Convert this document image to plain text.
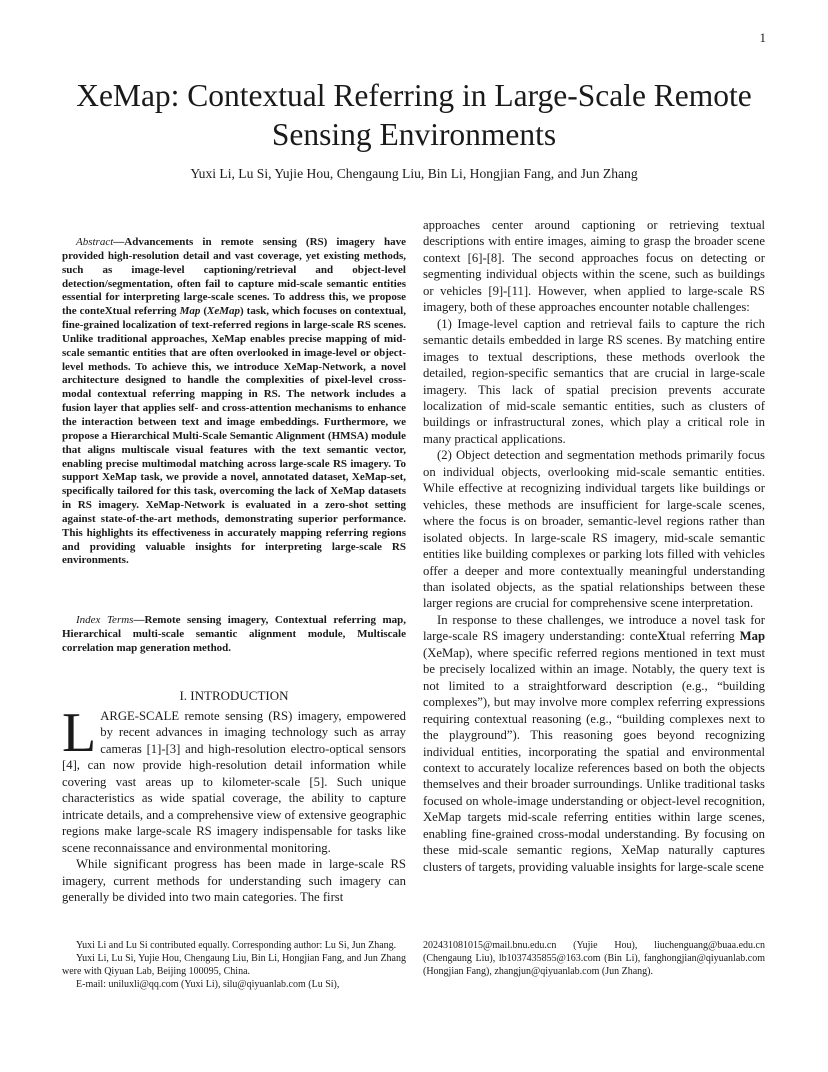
1
XeMap: Contextual Referring in Large-Scale Remote Sensing Environments
Yuxi Li, Lu Si, Yujie Hou, Chengaung Liu, Bin Li, Hongjian Fang, and Jun Zhang

Abstract—Advancements in remote sensing (RS) imagery have provided high-resolution detail and vast coverage, yet existing methods, such as image-level captioning/retrieval and object-level detection/segmentation, often fail to capture mid-scale semantic entities essential for interpreting large-scale scenes. To address this, we propose the conteXtual referring Map (XeMap) task, which focuses on contextual, fine-grained localization of text-referred regions in large-scale RS scenes. Unlike traditional approaches, XeMap enables precise mapping of mid-scale semantic entities that are often overlooked in image-level or object-level methods. To achieve this, we introduce XeMap-Network, a novel architecture designed to handle the complexities of pixel-level cross-modal contextual referring mapping in RS. The network includes a fusion layer that applies self- and cross-attention mechanisms to enhance the interaction between text and image embeddings. Furthermore, we propose a Hierarchical Multi-Scale Semantic Alignment (HMSA) module that aligns multiscale visual features with the text semantic vector, enabling precise multimodal matching across large-scale RS imagery. To support XeMap task, we provide a novel, annotated dataset, XeMap-set, specifically tailored for this task, overcoming the lack of XeMap datasets in RS imagery. XeMap-Network is evaluated in a zero-shot setting against state-of-the-art methods, demonstrating superior performance. This highlights its effectiveness in accurately mapping referring regions and providing valuable insights for interpreting large-scale RS environments.

Index Terms—Remote sensing imagery, Contextual referring map, Hierarchical multi-scale semantic alignment module, Multiscale correlation map generation method.

I. INTRODUCTION

LARGE-SCALE remote sensing (RS) imagery, empowered by recent advances in imaging technology such as array cameras [1]-[3] and high-resolution electro-optical sensors [4], can now provide high-resolution detail information while covering vast areas up to kilometer-scale [5]. Such unique characteristics as wide spatial coverage, the ability to capture intricate details, and a comprehensive view of extensive geographic regions make large-scale RS imagery indispensable for tasks like scene reconnaissance and environmental monitoring.

While significant progress has been made in large-scale RS imagery, current methods for understanding such imagery can generally be divided into two main categories. The first

approaches center around captioning or retrieving textual descriptions with entire images, aiming to grasp the broader scene context [6]-[8]. The second approaches focus on detecting or segmenting individual objects within the scene, such as buildings or vehicles [9]-[11]. However, when applied to large-scale RS imagery, both of these approaches encounter notable challenges:

(1) Image-level caption and retrieval fails to capture the rich semantic details embedded in large RS scenes. By matching entire images to textual descriptions, these methods overlook the detailed, region-specific semantics that are crucial in large-scale imagery. This lack of spatial precision prevents accurate localization of mid-scale semantic entities, such as clusters of buildings or infrastructural zones, which play a critical role in many practical applications.

(2) Object detection and segmentation methods primarily focus on individual objects, overlooking mid-scale semantic entities. While effective at recognizing individual targets like buildings or vehicles, these methods are insufficient for large-scale scenes, where the focus is on broader, semantic-level regions rather than isolated objects. In large-scale RS imagery, mid-scale semantic entities like building complexes or parking lots filled with vehicles offer a deeper and more contextually meaningful understanding than isolated objects, as the spatial relationships between these larger regions are crucial for comprehensive scene interpretation.

In response to these challenges, we introduce a novel task for large-scale RS imagery understanding: conteXtual referring Map (XeMap), where specific referred regions mentioned in text must be precisely localized within an image. Notably, the query text is not limited to a straightforward description (e.g., “building complexes”), but may involve more complex referring expressions requiring contextual reasoning (e.g., “building complexes next to the playground”). This reasoning goes beyond recognizing individual entities, incorporating the spatial and environmental context to accurately localize references based on both the objects themselves and their broader surroundings. Unlike traditional tasks focused on whole-image understanding or object-level recognition, XeMap targets mid-scale referring entities within large scenes, enabling fine-grained cross-modal understanding. By focusing on these mid-scale semantic regions, XeMap naturally captures clusters of targets, providing valuable insights for large-scale scene

Yuxi Li and Lu Si contributed equally. Corresponding author: Lu Si, Jun Zhang.

Yuxi Li, Lu Si, Yujie Hou, Chengaung Liu, Bin Li, Hongjian Fang, and Jun Zhang were with Qiyuan Lab, Beijing 100095, China.

E-mail: uniluxli@qq.com (Yuxi Li), silu@qiyuanlab.com (Lu Si),

202431081015@mail.bnu.edu.cn (Yujie Hou), liuchenguang@buaa.edu.cn (Chengaung Liu), lb1037435855@163.com (Bin Li), fanghongjian@qiyuanlab.com (Hongjian Fang), zhangjun@qiyuanlab.com (Jun Zhang).
